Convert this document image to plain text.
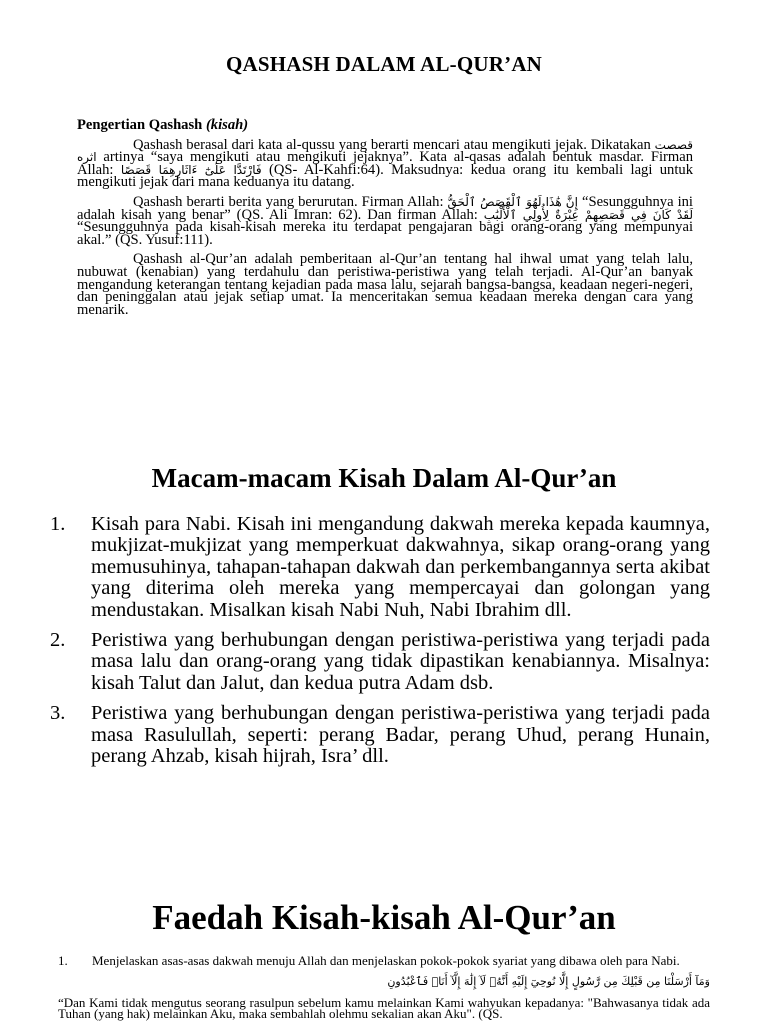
QASHASH DALAM AL-QUR’AN
Pengertian Qashash (kisah)

Qashash berasal dari kata al-qussu yang berarti mencari atau mengikuti jejak. Dikatakan قصصت اثره artinya “saya mengikuti atau mengikuti jejaknya”. Kata al-qasas adalah bentuk masdar. Firman Allah: فَارْتَدَّا عَلَىٰٓ ءَاثَارِهِمَا قَصَصًا (QS- Al-Kahfi:64). Maksudnya: kedua orang itu kembali lagi untuk mengikuti jejak dari mana keduanya itu datang.

Qashash berarti berita yang berurutan. Firman Allah: إِنَّ هَٰذَا لَهُوَ ٱلْقَصَصُ ٱلْحَقُّ “Sesungguhnya ini adalah kisah yang benar” (QS. Ali Imran: 62). Dan firman Allah: لَقَدْ كَانَ فِي قَصَصِهِمْ عِبْرَةٌ لِأُولِي ٱلْأَلْبَٰبِ “Sesungguhnya pada kisah-kisah mereka itu terdapat pengajaran bagi orang-orang yang mempunyai akal.” (QS. Yusuf:111).

Qashash al-Qur’an adalah pemberitaan al-Qur’an tentang hal ihwal umat yang telah lalu, nubuwat (kenabian) yang terdahulu dan peristiwa-peristiwa yang telah terjadi. Al-Qur’an banyak mengandung keterangan tentang kejadian pada masa lalu, sejarah bangsa-bangsa, keadaan negeri-negeri, dan peninggalan atau jejak setiap umat. Ia menceritakan semua keadaan mereka dengan cara yang menarik.

Macam-macam Kisah Dalam Al-Qur’an
1. Kisah para Nabi. Kisah ini mengandung dakwah mereka kepada kaumnya, mukjizat-mukjizat yang memperkuat dakwahnya, sikap orang-orang yang memusuhinya, tahapan-tahapan dakwah dan perkembangannya serta akibat yang diterima oleh mereka yang mempercayai dan golongan yang mendustakan. Misalkan kisah Nabi Nuh, Nabi Ibrahim dll.
2. Peristiwa yang berhubungan dengan peristiwa-peristiwa yang terjadi pada masa lalu dan orang-orang yang tidak dipastikan kenabiannya. Misalnya: kisah Talut dan Jalut, dan kedua putra Adam dsb.
3. Peristiwa yang berhubungan dengan peristiwa-peristiwa yang terjadi pada masa Rasulullah, seperti: perang Badar, perang Uhud, perang Hunain, perang Ahzab, kisah hijrah, Isra’ dll.
Faedah Kisah-kisah Al-Qur’an
1. Menjelaskan asas-asas dakwah menuju Allah dan menjelaskan pokok-pokok syariat yang dibawa oleh para Nabi.
وَمَآ أَرْسَلْنَا مِن قَبْلِكَ مِن رَّسُولٍ إِلَّا نُوحِيٓ إِلَيْهِ أَنَّهُۥ لَآ إِلَٰهَ إِلَّآ أَنَا۠ فَٱعْبُدُونِ
“Dan Kami tidak mengutus seorang rasulpun sebelum kamu melainkan Kami wahyukan kepadanya: "Bahwasanya tidak ada Tuhan (yang hak) melainkan Aku, maka sembahlah olehmu sekalian akan Aku". (QS.
